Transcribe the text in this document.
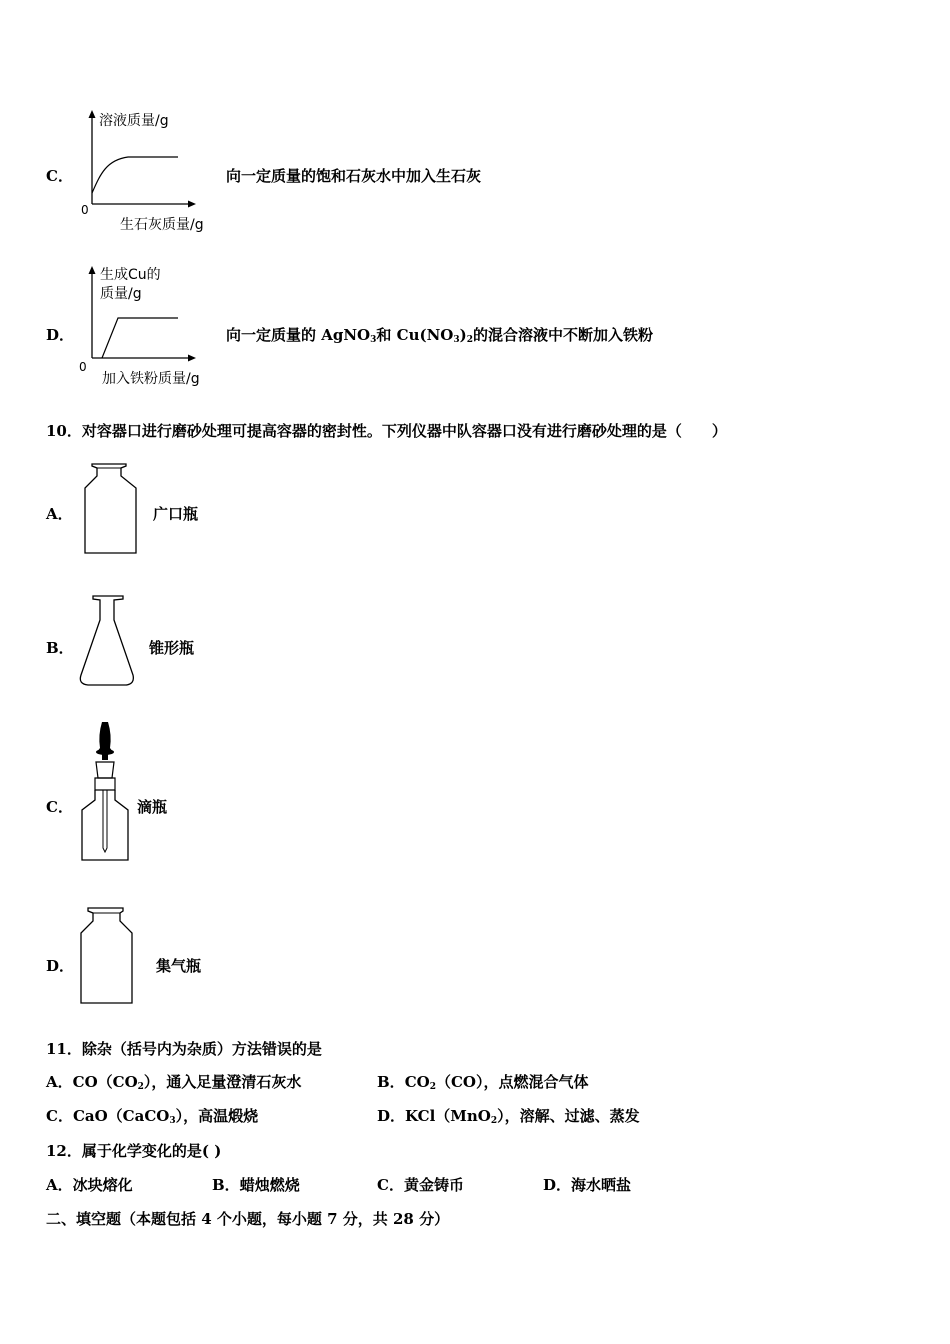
C．
溶液质量/g
0
生石灰质量/g
向一定质量的饱和石灰水中加入生石灰
D．
生成Cu的
质量/g
0
加入铁粉质量/g
向一定质量的 AgNO$_3$和 $Cu(NO_3)_2$的混合溶液中不断加入铁粉
10．对容器口进行磨砂处理可提高容器的密封性。下列仪器中队容器口没有进行磨砂处理的是（　　）
A．	广口瓶
B．	锥形瓶
C．	滴瓶
D．	集气瓶
11．除杂（括号内为杂质）方法错误的是
A．$CO(CO_2)$，通入足量澄清石灰水	B．$CO_2(CO)$，点燃混合气体
C．CaO（CaCO$_3$），高温煅烧	D．KCl（MnO$_2$），溶解、过滤、蒸发
12．属于化学变化的是( )
A．冰块熔化	B．蜡烛燃烧	C．黄金铸币	D．海水晒盐
二、填空题（本题包括 4 个小题，每小题 7 分，共 28 分）
